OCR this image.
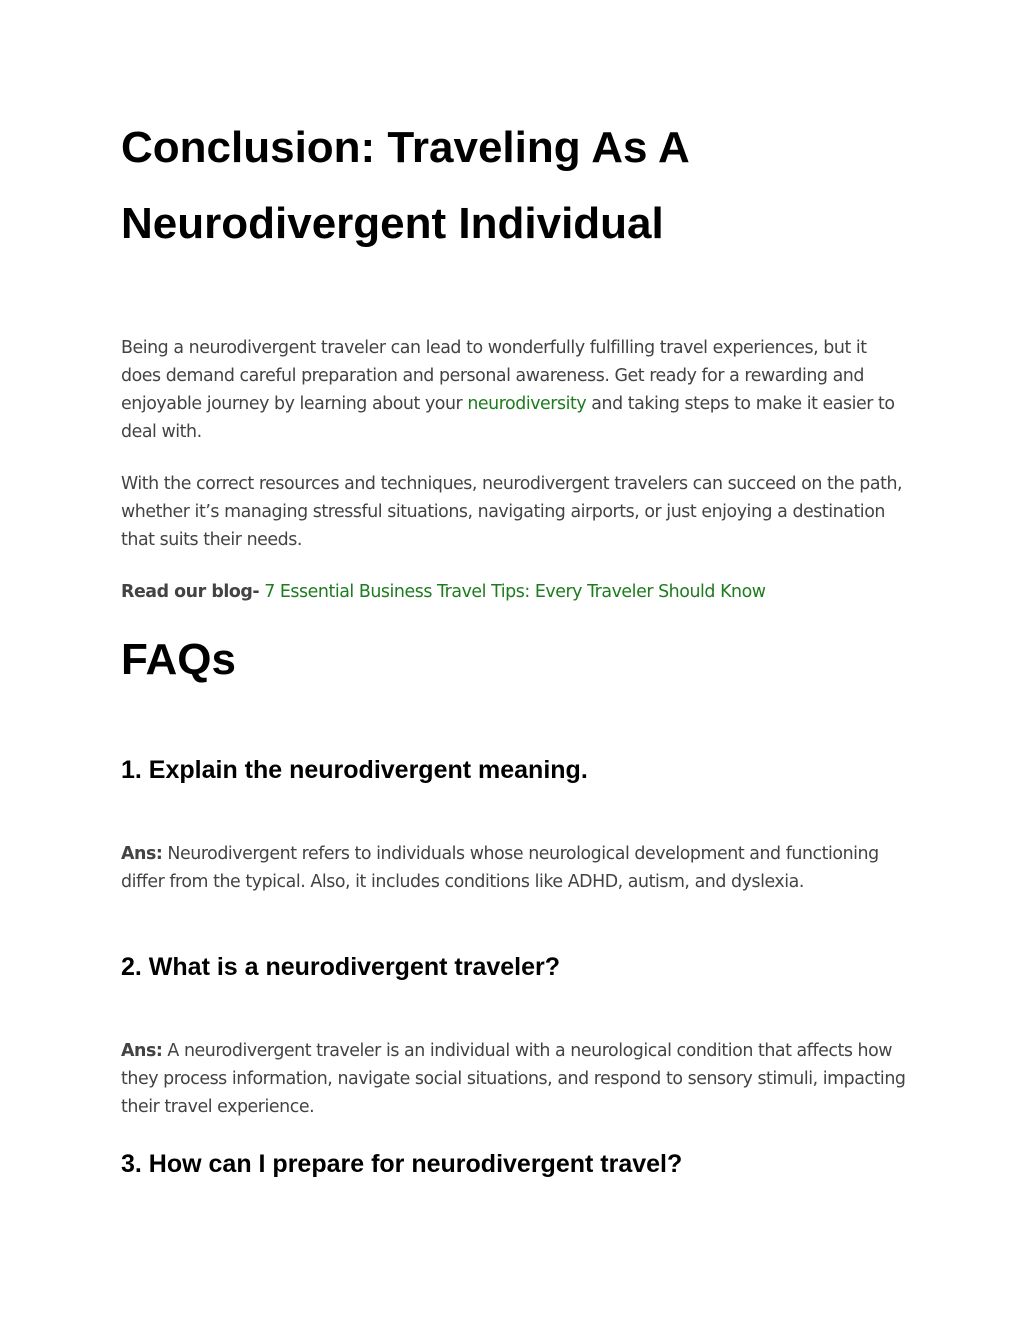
Conclusion: Traveling As A Neurodivergent Individual

Being a neurodivergent traveler can lead to wonderfully fulfilling travel experiences, but it does demand careful preparation and personal awareness. Get ready for a rewarding and enjoyable journey by learning about your neurodiversity and taking steps to make it easier to deal with.

With the correct resources and techniques, neurodivergent travelers can succeed on the path, whether it’s managing stressful situations, navigating airports, or just enjoying a destination that suits their needs.

Read our blog- 7 Essential Business Travel Tips: Every Traveler Should Know

FAQs
1. Explain the neurodivergent meaning.

Ans: Neurodivergent refers to individuals whose neurological development and functioning differ from the typical. Also, it includes conditions like ADHD, autism, and dyslexia.

2. What is a neurodivergent traveler?

Ans: A neurodivergent traveler is an individual with a neurological condition that affects how they process information, navigate social situations, and respond to sensory stimuli, impacting their travel experience.

3. How can I prepare for neurodivergent travel?
